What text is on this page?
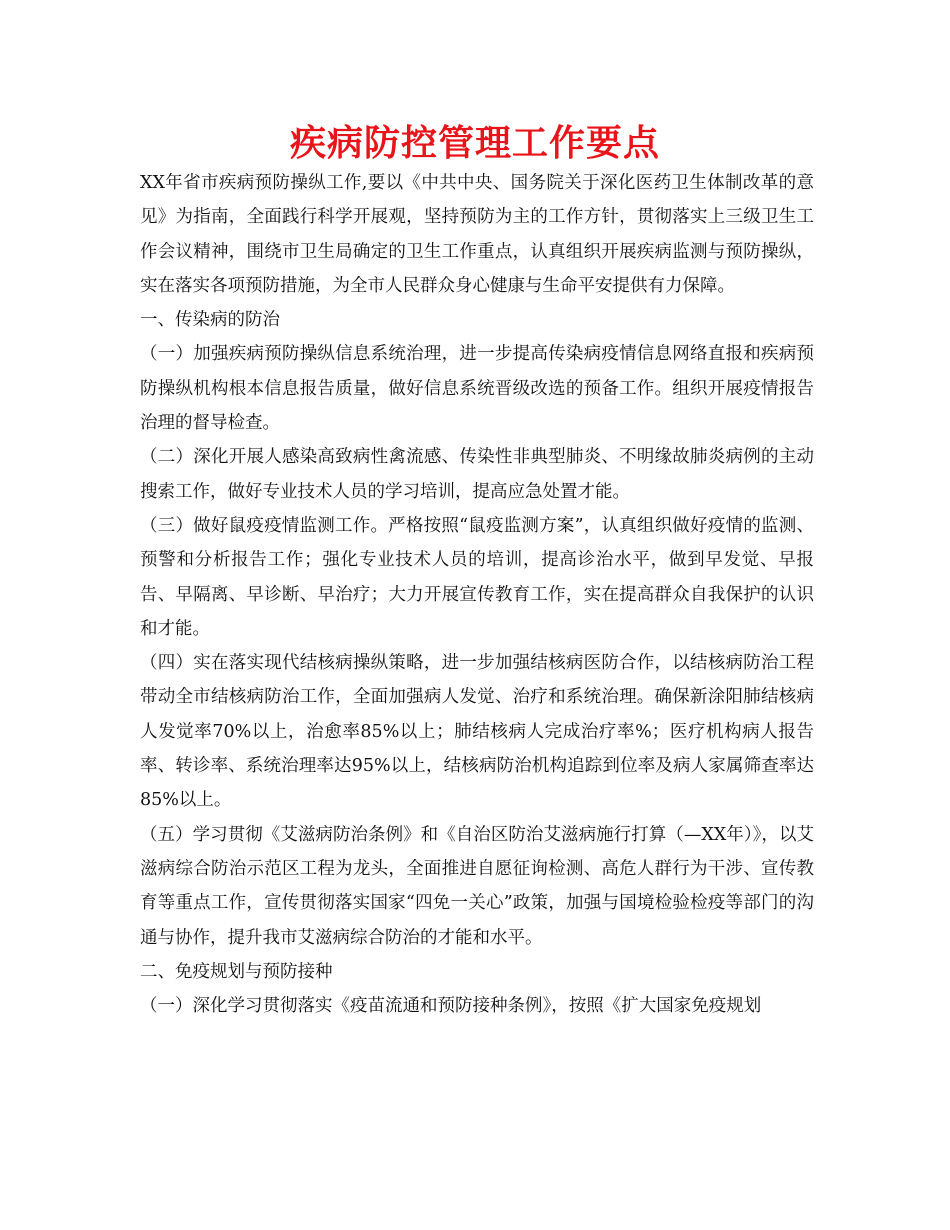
疾病防控管理工作要点

XX年省市疾病预防操纵工作,要以《中共中央、国务院关于深化医药卫生体制改革的意见》为指南，全面践行科学开展观，坚持预防为主的工作方针，贯彻落实上三级卫生工作会议精神，围绕市卫生局确定的卫生工作重点，认真组织开展疾病监测与预防操纵，实在落实各项预防措施，为全市人民群众身心健康与生命平安提供有力保障。

一、传染病的防治

（一）加强疾病预防操纵信息系统治理，进一步提高传染病疫情信息网络直报和疾病预防操纵机构根本信息报告质量，做好信息系统晋级改选的预备工作。组织开展疫情报告治理的督导检查。

（二）深化开展人感染高致病性禽流感、传染性非典型肺炎、不明缘故肺炎病例的主动搜索工作，做好专业技术人员的学习培训，提高应急处置才能。

（三）做好鼠疫疫情监测工作。严格按照“鼠疫监测方案”，认真组织做好疫情的监测、预警和分析报告工作；强化专业技术人员的培训，提高诊治水平，做到早发觉、早报告、早隔离、早诊断、早治疗；大力开展宣传教育工作，实在提高群众自我保护的认识和才能。

（四）实在落实现代结核病操纵策略，进一步加强结核病医防合作，以结核病防治工程带动全市结核病防治工作，全面加强病人发觉、治疗和系统治理。确保新涂阳肺结核病人发觉率70%以上，治愈率85%以上；肺结核病人完成治疗率%；医疗机构病人报告率、转诊率、系统治理率达95%以上，结核病防治机构追踪到位率及病人家属筛查率达85%以上。

（五）学习贯彻《艾滋病防治条例》和《自治区防治艾滋病施行打算（—XX年）》，以艾滋病综合防治示范区工程为龙头，全面推进自愿征询检测、高危人群行为干涉、宣传教育等重点工作，宣传贯彻落实国家“四免一关心”政策，加强与国境检验检疫等部门的沟通与协作，提升我市艾滋病综合防治的才能和水平。

二、免疫规划与预防接种

（一）深化学习贯彻落实《疫苗流通和预防接种条例》，按照《扩大国家免疫规划
